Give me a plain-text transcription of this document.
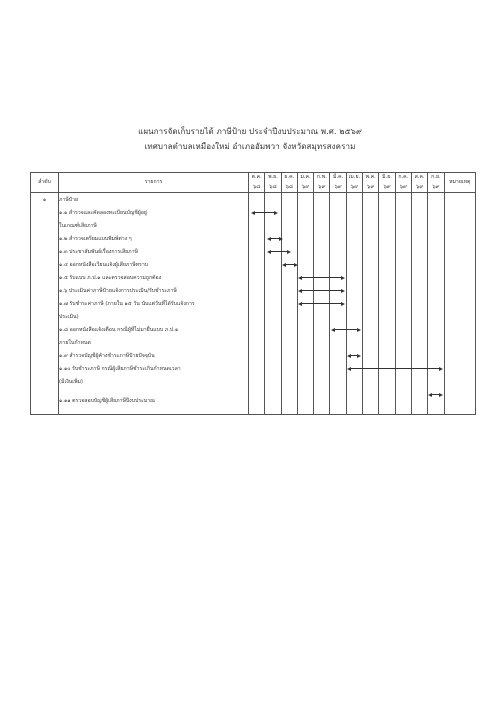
แผนการจัดเก็บรายได้ ภาษีป้าย ประจำปีงบประมาณ พ.ศ. ๒๕๖๙
เทศบาลตำบลเหมืองใหม่ อำเภออัมพวา จังหวัดสมุทรสงคราม
ลำดับ	รายการ	ต.ค.	พ.ย.	ธ.ค.	ม.ค.	ก.พ.	มี.ค.	เม.ย.	พ.ค.	มิ.ย.	ก.ค.	ส.ค.	ก.ย.	หมายเหตุ
		๖๘	๖๘	๖๘	๖๙	๖๙	๖๙	๖๙	๖๙	๖๙	๖๙	๖๙	๖๙	
๑	ภาษีป้าย													
	๑.๑ สำรวจและคัดลองทะเบียนบัญชีผู้อยู่	

	ในเกณฑ์เสียภาษี													
	๑.๒ สำรวจเตรียมแบบพิมพ์ต่าง ๆ	

	๑.๓ ประชาสัมพันธ์เรื่องการเสียภาษี	

	๑.๔ ออกหนังสือเวียนแจ้งผู้เสียภาษีทราบ	

	๑.๕ รับแบบ ภ.ป.๑ และตรวจสอบความถูกต้อง	

	๑.๖ ประเมินค่าภาษีป้ายแจ้งการประเมิน/รับชำระภาษี	

	๑.๗ รับชำระค่าภาษี (ภายใน ๑๕ วัน นับแต่วันที่ได้รับแจ้งการ	

	ประเมิน)													
	๑.๘ ออกหนังสือแจ้งเตือน กรณีผู้ที่ไม่มายื่นแบบ ภ.ป.๑	

	ภายในกำหนด													
	๑.๙ สำรวจบัญชีผู้ค้างชำระภาษีป้ายปัจจุบัน	

	๑.๑๐ รับชำระภาษี กรณีผู้เสียภาษีชำระเกินกำหนดเวลา	

	(มีเงินเพิ่ม)													
	๑.๑๑ ตรวจสอบบัญชีผู้เสียภาษีปีงบประมาณ	
